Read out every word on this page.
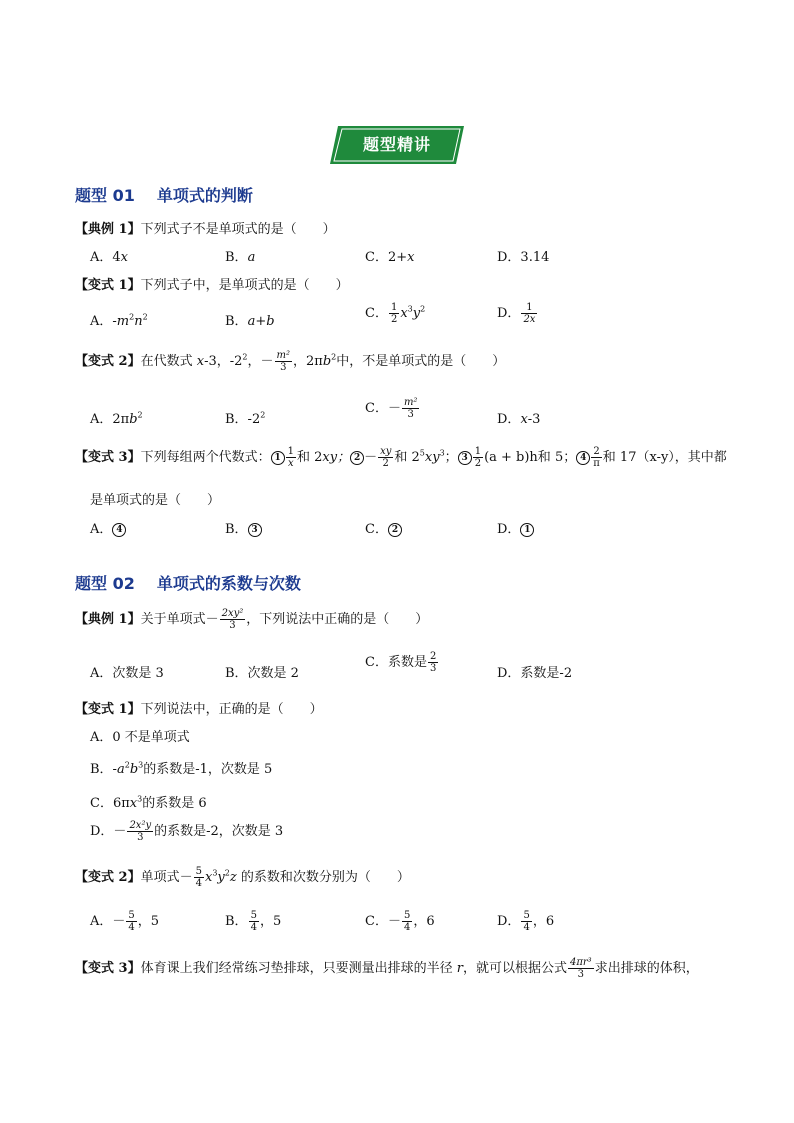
题型精讲
题型 01 单项式的判断
【典例 1】下列式子不是单项式的是（　　）
A．4x	B．a	C．2+x	D．3.14
【变式 1】下列式子中，是单项式的是（　　）
A．$-m^2n^2$	B．a+b
C． $\frac{1}{2} x^3y^2$	D． $\frac{1}{2x}$
【变式 2】在代数式 x-3，$-2^2$，－ $\frac{\text{m²}}{3}$ ，$2\pi b^2$中，不是单项式的是（　　）
A．$2\pi b^2$	B．$-2^2$	C．－ $\frac{\text{m²}}{3}$	D．x-3
【变式 3】下列每组两个代数式： $1 \frac{1}{x}$ 和 2xy； $2 - \frac{xy}{2}$ 和 $2^5xy^3$； $3 \frac{1}{2} (a + b)h$和 5； $4 \frac{2}{\pi}$ 和 17（x-y），其中都
是单项式的是（　　）
A． 4	B． 3	C． 2	D． 1
题型 02 单项式的系数与次数
【典例 1】关于单项式－ $\frac{\text{2xy²}}{3}$ ，下列说法中正确的是（　　）
A．次数是 3	B．次数是 2
C．系数是 $\frac{2}{3}$	D．系数是-2
【变式 1】下列说法中，正确的是（　　）
A．0 不是单项式
B．$-a^2b^3$的系数是-1，次数是 5
C．$6\pi x^3$的系数是 6
D．－ $\frac{\text{2x²y}}{3}$ 的系数是-2，次数是 3
【变式 2】单项式－ $\frac{5}{4} x^3y^2z$ 的系数和次数分别为（　　）
A．－ $\frac{5}{4}$ ，5	B． $\frac{5}{4}$ ，5	C．－ $\frac{5}{4}$ ，6	D． $\frac{5}{4}$ ，6
【变式 3】体育课上我们经常练习垫排球，只要测量出排球的半径 r，就可以根据公式 $\frac{\text{4πr³}}{3}$ 求出排球的体积，
